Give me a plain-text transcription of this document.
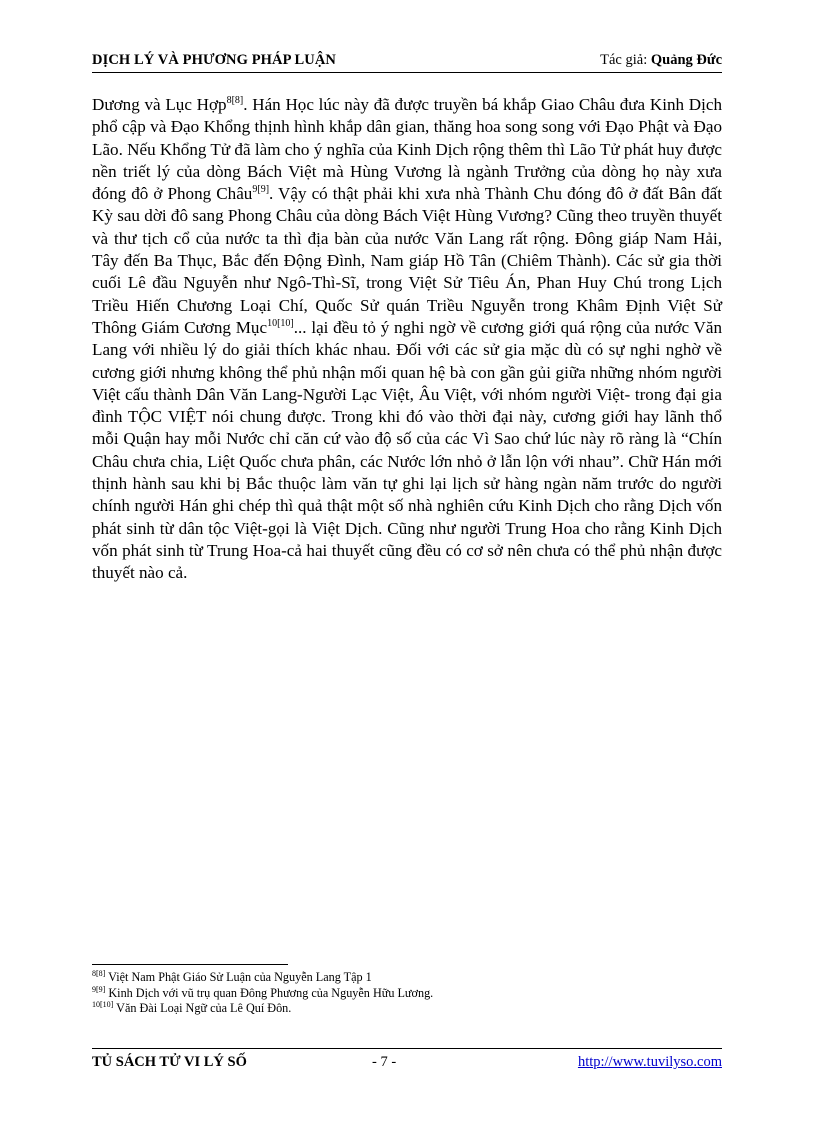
DỊCH LÝ VÀ PHƯƠNG PHÁP LUẬN	Tác giả: Quảng Đức

Dương và Lục Hợp$^{8[8]}$. Hán Học lúc này đã được truyền bá khắp Giao Châu đưa Kinh Dịch phổ cập và Đạo Khổng thịnh hình khắp dân gian, thăng hoa song song với Đạo Phật và Đạo Lão. Nếu Khổng Tử đã làm cho ý nghĩa của Kinh Dịch rộng thêm thì Lão Tử phát huy được nền triết lý của dòng Bách Việt mà Hùng Vương là ngành Trưởng của dòng họ này xưa đóng đô ở Phong Châu$^{9[9]}$. Vậy có thật phải khi xưa nhà Thành Chu đóng đô ở đất Bân đất Kỳ sau dời đô sang Phong Châu của dòng Bách Việt Hùng Vương? Cũng theo truyền thuyết và thư tịch cổ của nước ta thì địa bàn của nước Văn Lang rất rộng. Đông giáp Nam Hải, Tây đến Ba Thục, Bắc đến Động Đình, Nam giáp Hồ Tân (Chiêm Thành). Các sử gia thời cuối Lê đầu Nguyễn như Ngô-Thì-Sĩ, trong Việt Sử Tiêu Án, Phan Huy Chú trong Lịch Triều Hiến Chương Loại Chí, Quốc Sử quán Triều Nguyễn trong Khâm Định Việt Sử Thông Giám Cương Mục$^{10[10]}$... lại đều tỏ ý nghi ngờ về cương giới quá rộng của nước Văn Lang với nhiều lý do giải thích khác nhau. Đối với các sử gia mặc dù có sự nghi nghờ về cương giới nhưng không thể phủ nhận mối quan hệ bà con gần gủi giữa những nhóm người Việt cấu thành Dân Văn Lang-Người Lạc Việt, Âu Việt, với nhóm người Việt- trong đại gia đình TỘC VIỆT nói chung được. Trong khi đó vào thời đại này, cương giới hay lãnh thổ mỗi Quận hay mỗi Nước chỉ căn cứ vào độ số của các Vì Sao chứ lúc này rõ ràng là “Chín Châu chưa chia, Liệt Quốc chưa phân, các Nước lớn nhỏ ở lẫn lộn với nhau”. Chữ Hán mới thịnh hành sau khi bị Bắc thuộc làm văn tự ghi lại lịch sử hàng ngàn năm trước do người chính người Hán ghi chép thì quả thật một số nhà nghiên cứu Kinh Dịch cho rằng Dịch vốn phát sinh từ dân tộc Việt-gọi là Việt Dịch. Cũng như người Trung Hoa cho rằng Kinh Dịch vốn phát sinh từ Trung Hoa-cả hai thuyết cũng đều có cơ sở nên chưa có thể phủ nhận được thuyết nào cả.

$^{8[8]}$ Việt Nam Phật Giáo Sử Luận của Nguyễn Lang Tập 1
$^{9[9]}$ Kinh Dịch với vũ trụ quan Đông Phương của Nguyễn Hữu Lương.
$^{10[10]}$ Văn Đài Loại Ngữ của Lê Quí Đôn.
TỦ SÁCH TỬ VI LÝ SỐ	- 7 -	http://www.tuvilyso.com
